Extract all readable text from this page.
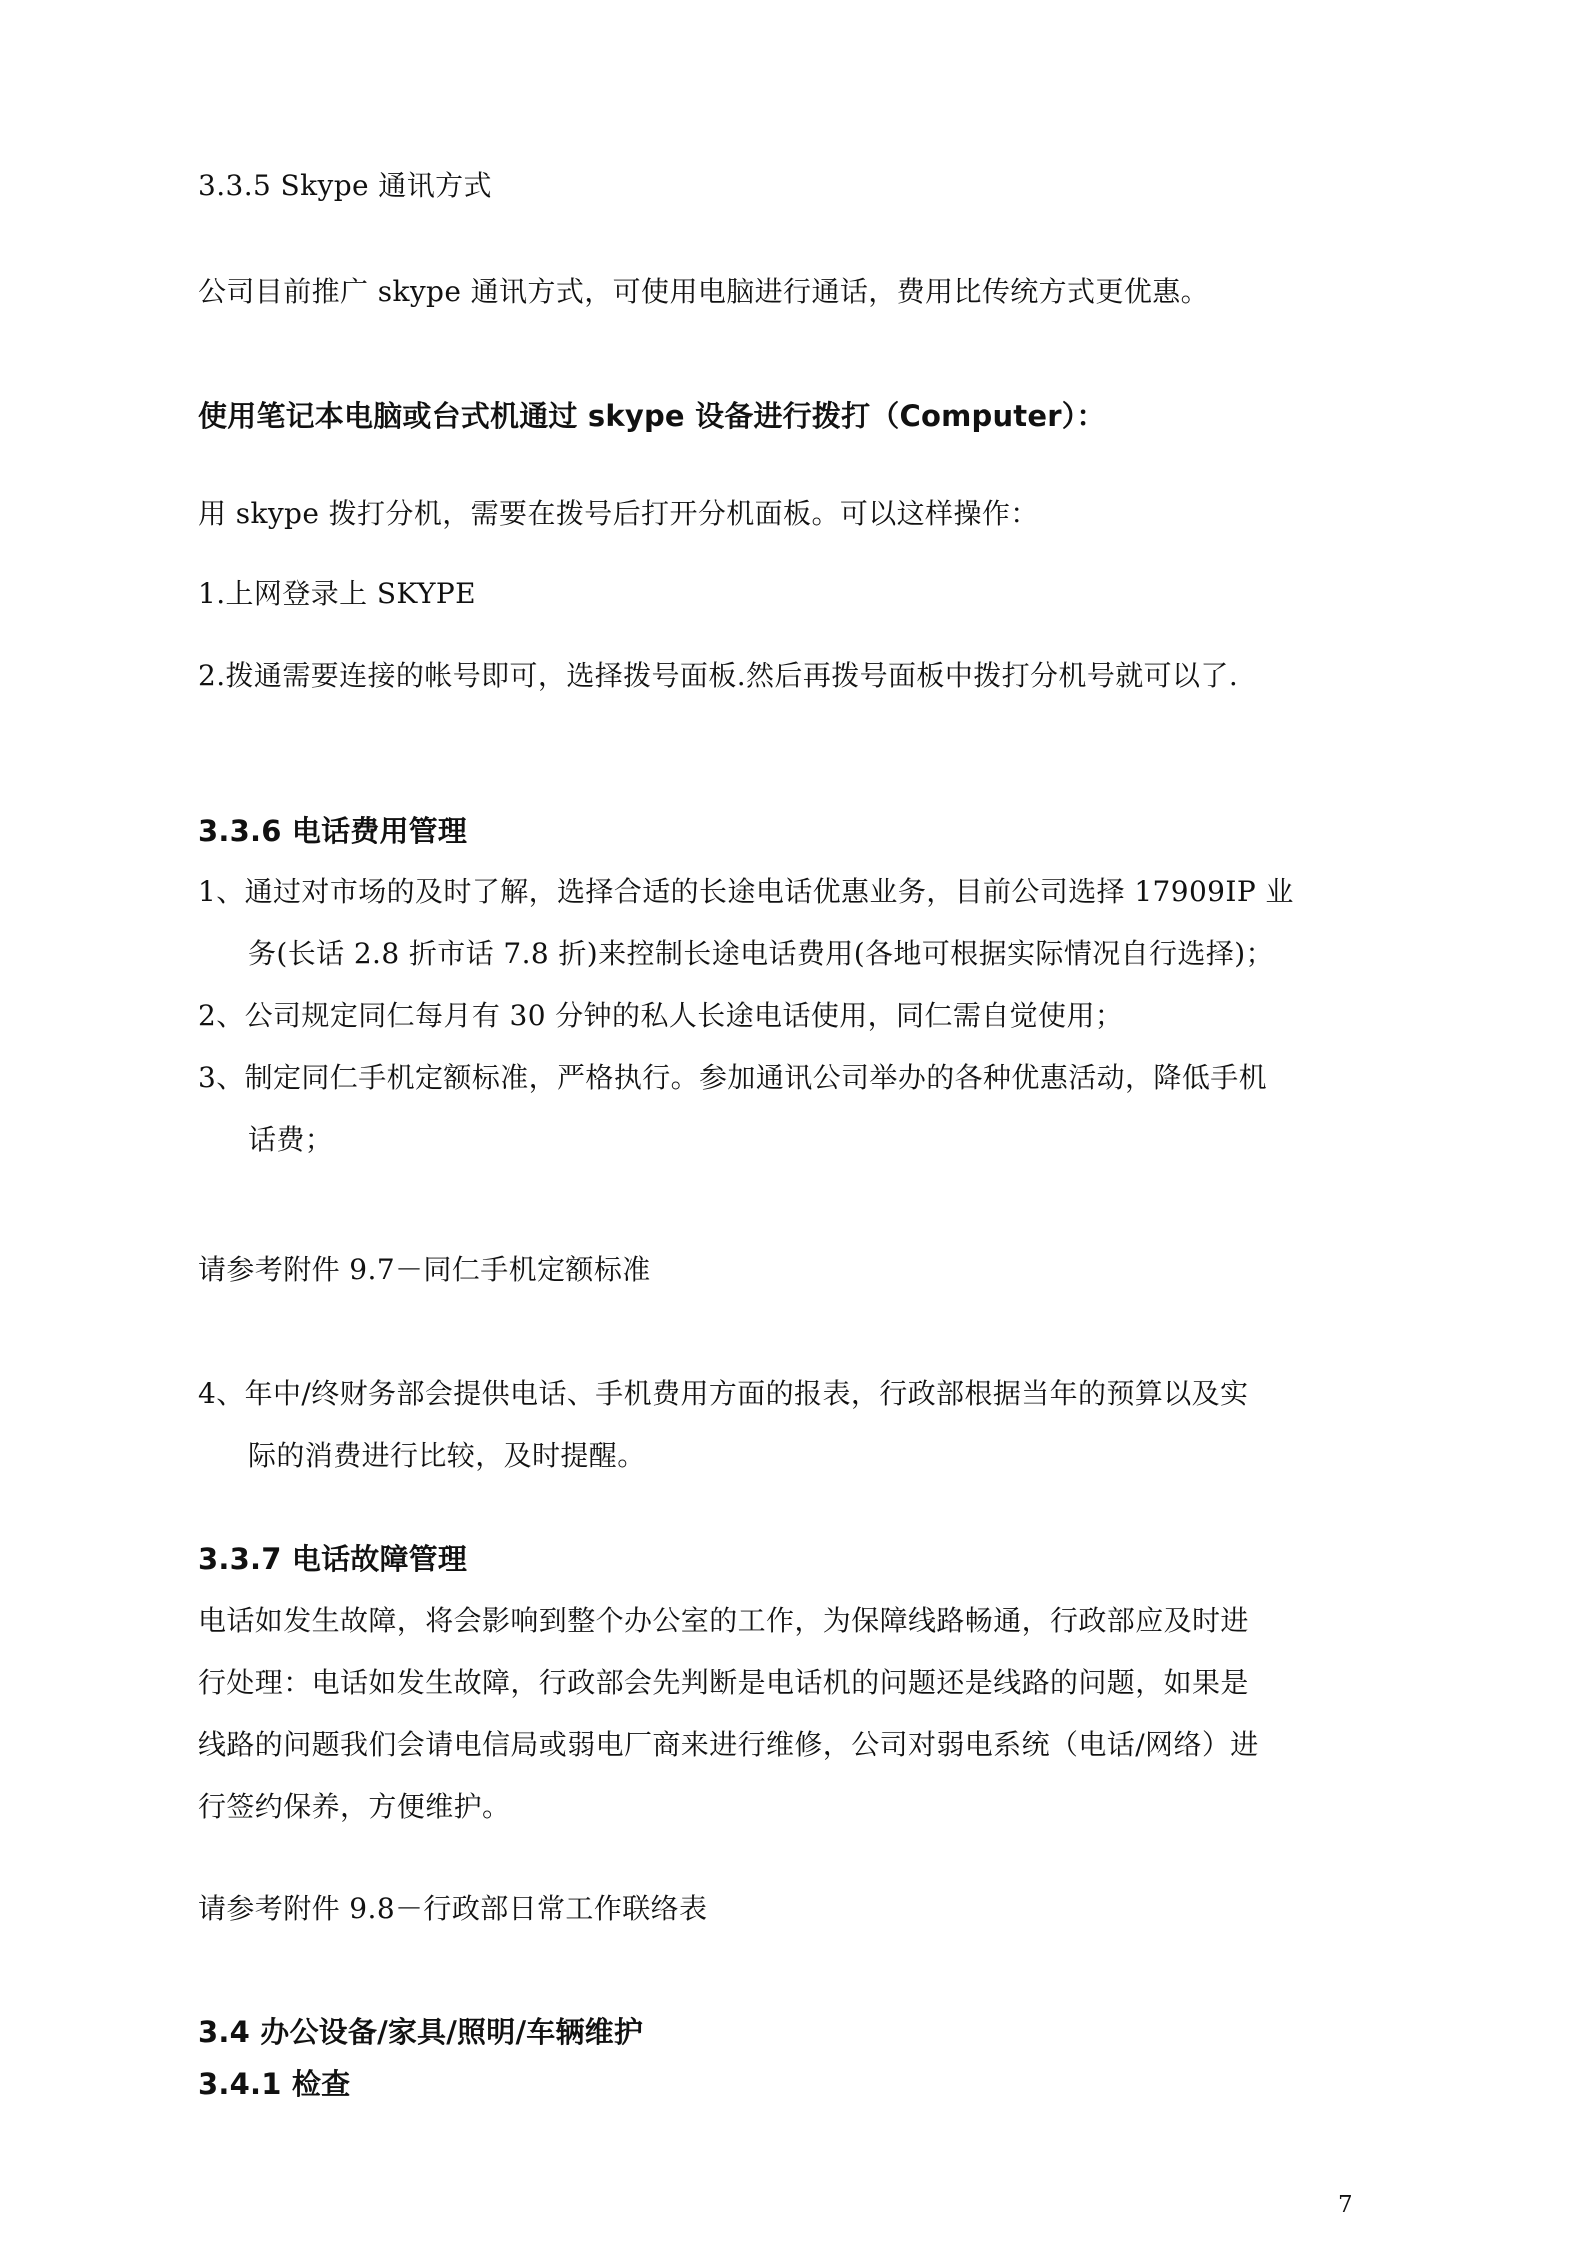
3.3.5 Skype 通讯方式
公司目前推广 skype 通讯方式，可使用电脑进行通话，费用比传统方式更优惠。
使用笔记本电脑或台式机通过 skype 设备进行拨打（Computer）：
用 skype 拨打分机，需要在拨号后打开分机面板。可以这样操作：
1.上网登录上 SKYPE
2.拨通需要连接的帐号即可，选择拨号面板.然后再拨号面板中拨打分机号就可以了.
3.3.6 电话费用管理
1、通过对市场的及时了解，选择合适的长途电话优惠业务，目前公司选择 17909IP 业
务(长话 2.8 折市话 7.8 折)来控制长途电话费用(各地可根据实际情况自行选择)；
2、公司规定同仁每月有 30 分钟的私人长途电话使用，同仁需自觉使用；
3、制定同仁手机定额标准，严格执行。参加通讯公司举办的各种优惠活动，降低手机
话费；
请参考附件 9.7－同仁手机定额标准
4、年中/终财务部会提供电话、手机费用方面的报表，行政部根据当年的预算以及实
际的消费进行比较，及时提醒。
3.3.7 电话故障管理
电话如发生故障，将会影响到整个办公室的工作，为保障线路畅通，行政部应及时进
行处理：电话如发生故障，行政部会先判断是电话机的问题还是线路的问题，如果是
线路的问题我们会请电信局或弱电厂商来进行维修，公司对弱电系统（电话/网络）进
行签约保养，方便维护。
请参考附件 9.8－行政部日常工作联络表
3.4 办公设备/家具/照明/车辆维护
3.4.1 检查
7
